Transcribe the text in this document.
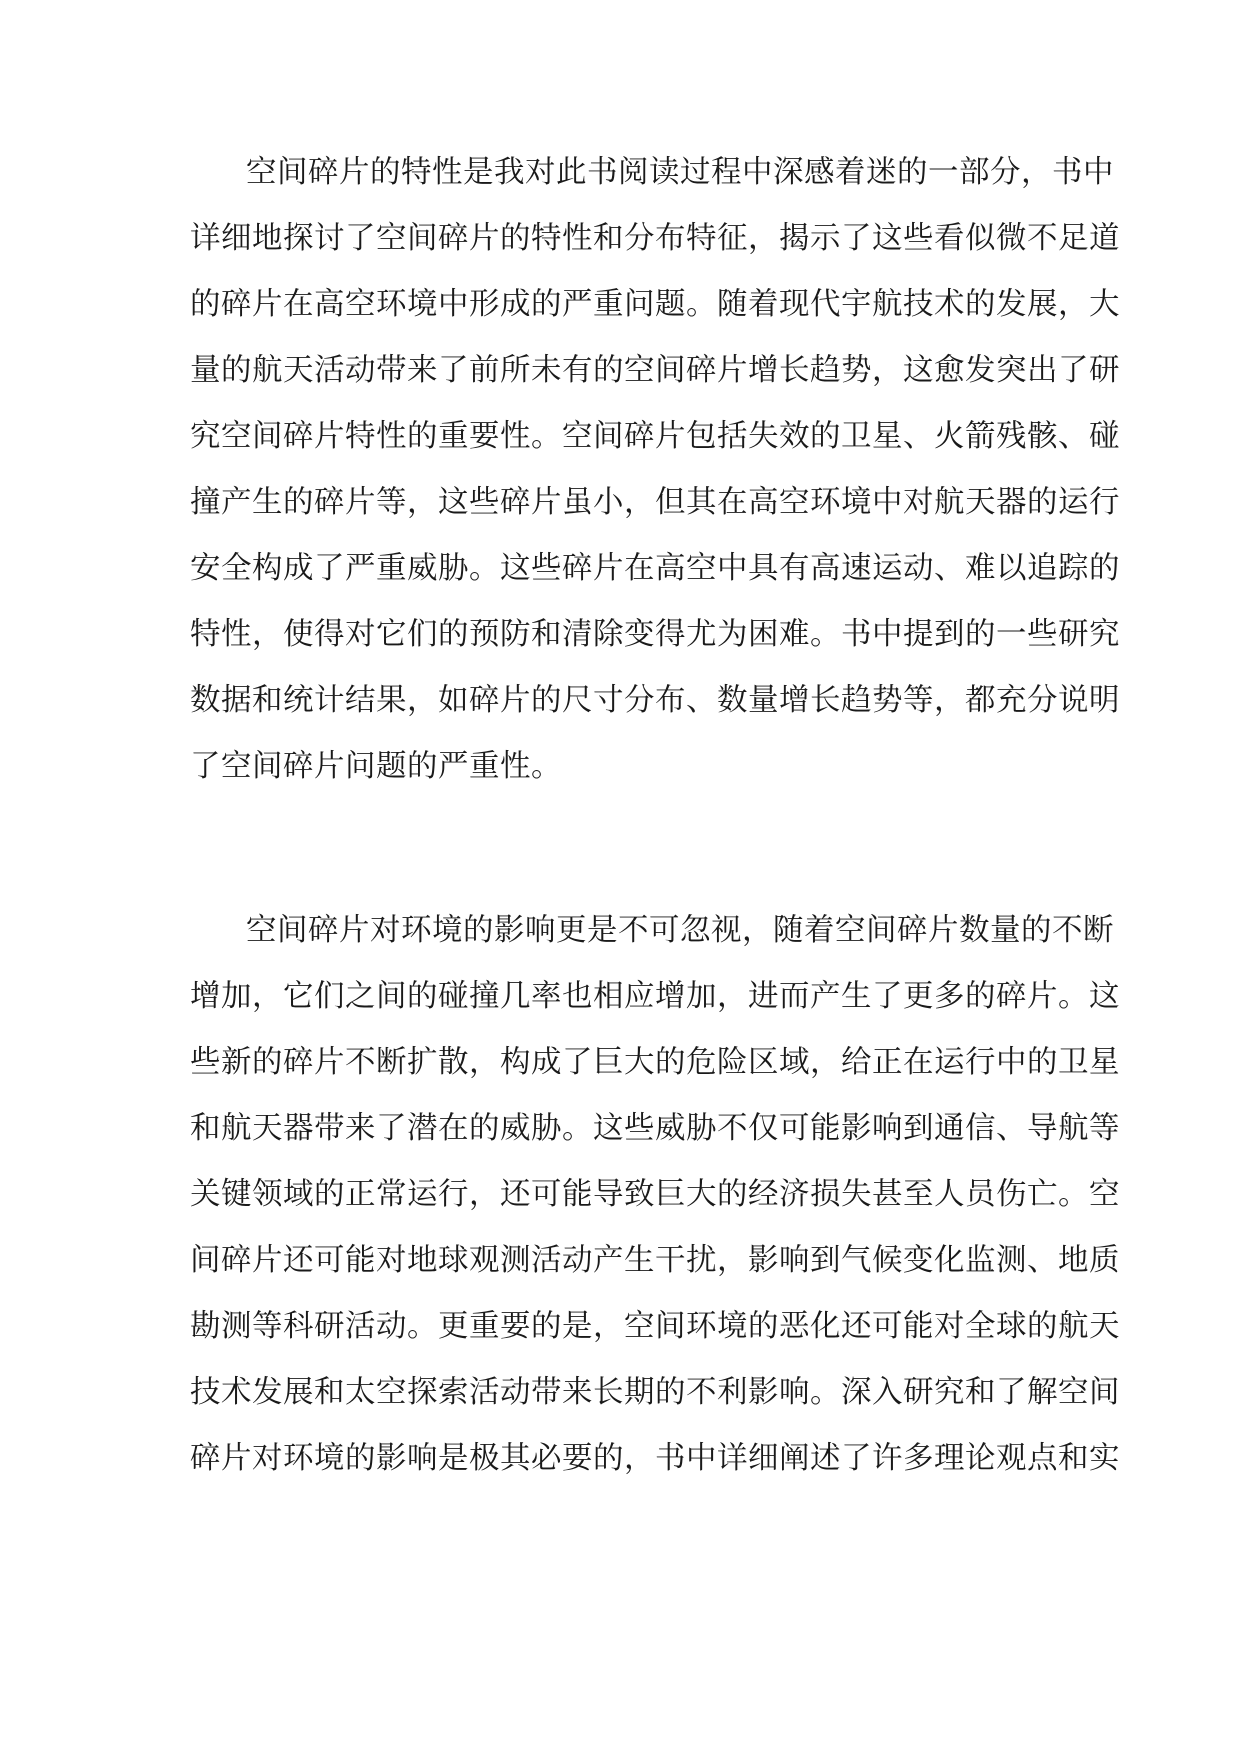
空间碎片的特性是我对此书阅读过程中深感着迷的一部分，书中
详细地探讨了空间碎片的特性和分布特征，揭示了这些看似微不足道
的碎片在高空环境中形成的严重问题。随着现代宇航技术的发展，大
量的航天活动带来了前所未有的空间碎片增长趋势，这愈发突出了研
究空间碎片特性的重要性。空间碎片包括失效的卫星、火箭残骸、碰
撞产生的碎片等，这些碎片虽小，但其在高空环境中对航天器的运行
安全构成了严重威胁。这些碎片在高空中具有高速运动、难以追踪的
特性，使得对它们的预防和清除变得尤为困难。书中提到的一些研究
数据和统计结果，如碎片的尺寸分布、数量增长趋势等，都充分说明
了空间碎片问题的严重性。
空间碎片对环境的影响更是不可忽视，随着空间碎片数量的不断
增加，它们之间的碰撞几率也相应增加，进而产生了更多的碎片。这
些新的碎片不断扩散，构成了巨大的危险区域，给正在运行中的卫星
和航天器带来了潜在的威胁。这些威胁不仅可能影响到通信、导航等
关键领域的正常运行，还可能导致巨大的经济损失甚至人员伤亡。空
间碎片还可能对地球观测活动产生干扰，影响到气候变化监测、地质
勘测等科研活动。更重要的是，空间环境的恶化还可能对全球的航天
技术发展和太空探索活动带来长期的不利影响。深入研究和了解空间
碎片对环境的影响是极其必要的，书中详细阐述了许多理论观点和实
